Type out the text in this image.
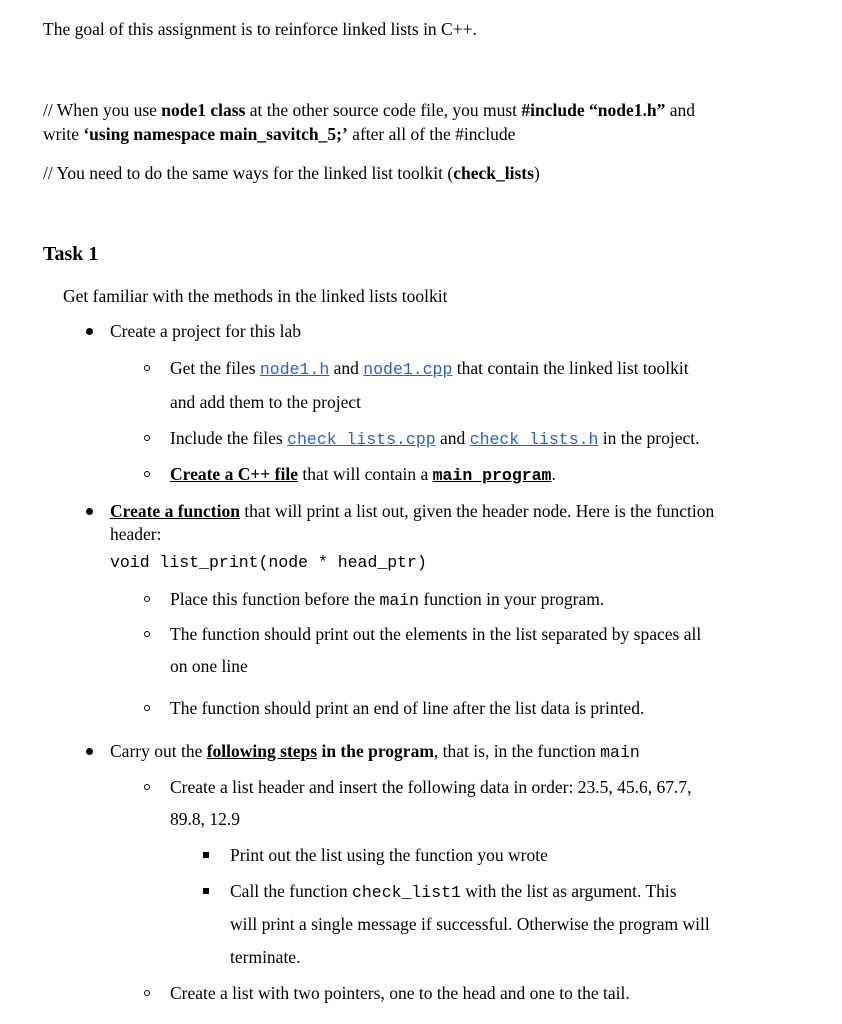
The goal of this assignment is to reinforce linked lists in C++.
// When you use node1 class at the other source code file, you must #include “node1.h” and
write ‘using namespace main_savitch_5;’ after all of the #include
// You need to do the same ways for the linked list toolkit (check_lists)
Task 1
Get familiar with the methods in the linked lists toolkit
Create a project for this lab
Get the files node1.h and node1.cpp that contain the linked list toolkit
and add them to the project
Include the files check_lists.cpp and check_lists.h in the project.
Create a C++ file that will contain a main program.
Create a function that will print a list out, given the header node. Here is the function
header:
void list_print(node * head_ptr)
Place this function before the main function in your program.
The function should print out the elements in the list separated by spaces all
on one line
The function should print an end of line after the list data is printed.
Carry out the following steps in the program, that is, in the function main
Create a list header and insert the following data in order: 23.5, 45.6, 67.7,
89.8, 12.9
Print out the list using the function you wrote
Call the function check_list1 with the list as argument. This
will print a single message if successful. Otherwise the program will
terminate.
Create a list with two pointers, one to the head and one to the tail.
